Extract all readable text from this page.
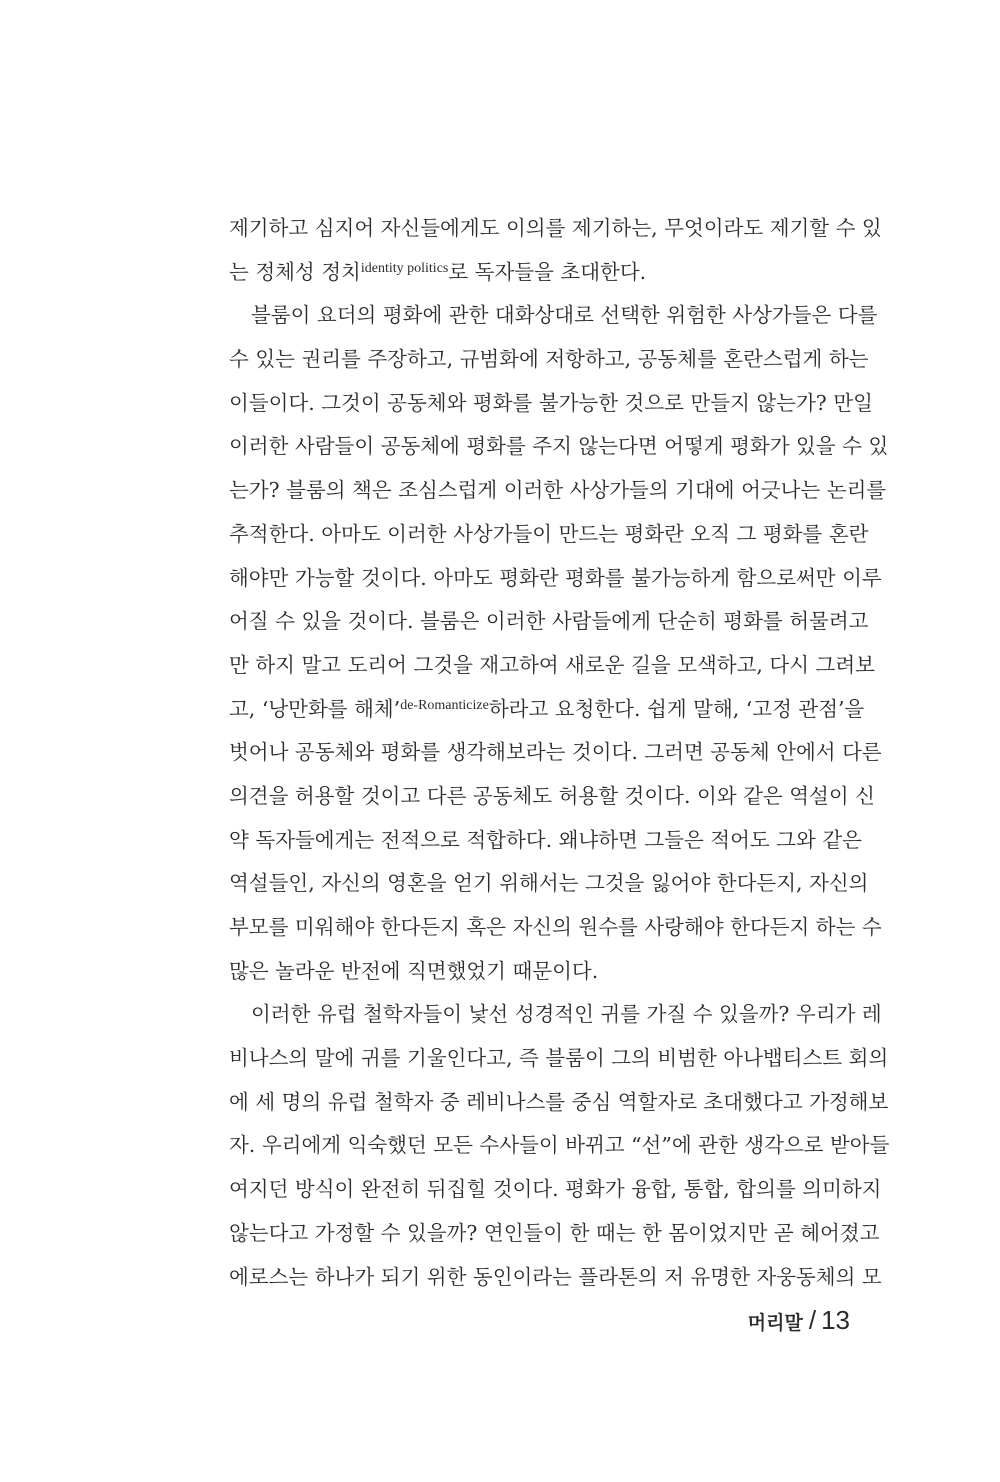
제기하고 심지어 자신들에게도 이의를 제기하는, 무엇이라도 제기할 수 있
는 정체성 정치$^{identity politics}$로 독자들을 초대한다.
블룸이 요더의 평화에 관한 대화상대로 선택한 위험한 사상가들은 다를
수 있는 권리를 주장하고, 규범화에 저항하고, 공동체를 혼란스럽게 하는
이들이다. 그것이 공동체와 평화를 불가능한 것으로 만들지 않는가? 만일
이러한 사람들이 공동체에 평화를 주지 않는다면 어떻게 평화가 있을 수 있
는가? 블룸의 책은 조심스럽게 이러한 사상가들의 기대에 어긋나는 논리를
추적한다. 아마도 이러한 사상가들이 만드는 평화란 오직 그 평화를 혼란
해야만 가능할 것이다. 아마도 평화란 평화를 불가능하게 함으로써만 이루
어질 수 있을 것이다. 블룸은 이러한 사람들에게 단순히 평화를 허물려고
만 하지 말고 도리어 그것을 재고하여 새로운 길을 모색하고, 다시 그려보
고, ‘낭만화를 해체’$^{de-Romanticize}$하라고 요청한다. 쉽게 말해, ‘고정 관점’을
벗어나 공동체와 평화를 생각해보라는 것이다. 그러면 공동체 안에서 다른
의견을 허용할 것이고 다른 공동체도 허용할 것이다. 이와 같은 역설이 신
약 독자들에게는 전적으로 적합하다. 왜냐하면 그들은 적어도 그와 같은
역설들인, 자신의 영혼을 얻기 위해서는 그것을 잃어야 한다든지, 자신의
부모를 미워해야 한다든지 혹은 자신의 원수를 사랑해야 한다든지 하는 수
많은 놀라운 반전에 직면했었기 때문이다.
이러한 유럽 철학자들이 낯선 성경적인 귀를 가질 수 있을까? 우리가 레
비나스의 말에 귀를 기울인다고, 즉 블룸이 그의 비범한 아나뱁티스트 회의
에 세 명의 유럽 철학자 중 레비나스를 중심 역할자로 초대했다고 가정해보
자. 우리에게 익숙했던 모든 수사들이 바뀌고 “선”에 관한 생각으로 받아들
여지던 방식이 완전히 뒤집힐 것이다. 평화가 융합, 통합, 합의를 의미하지
않는다고 가정할 수 있을까? 연인들이 한 때는 한 몸이었지만 곧 헤어졌고
에로스는 하나가 되기 위한 동인이라는 플라톤의 저 유명한 자웅동체의 모
머리말 / 13
